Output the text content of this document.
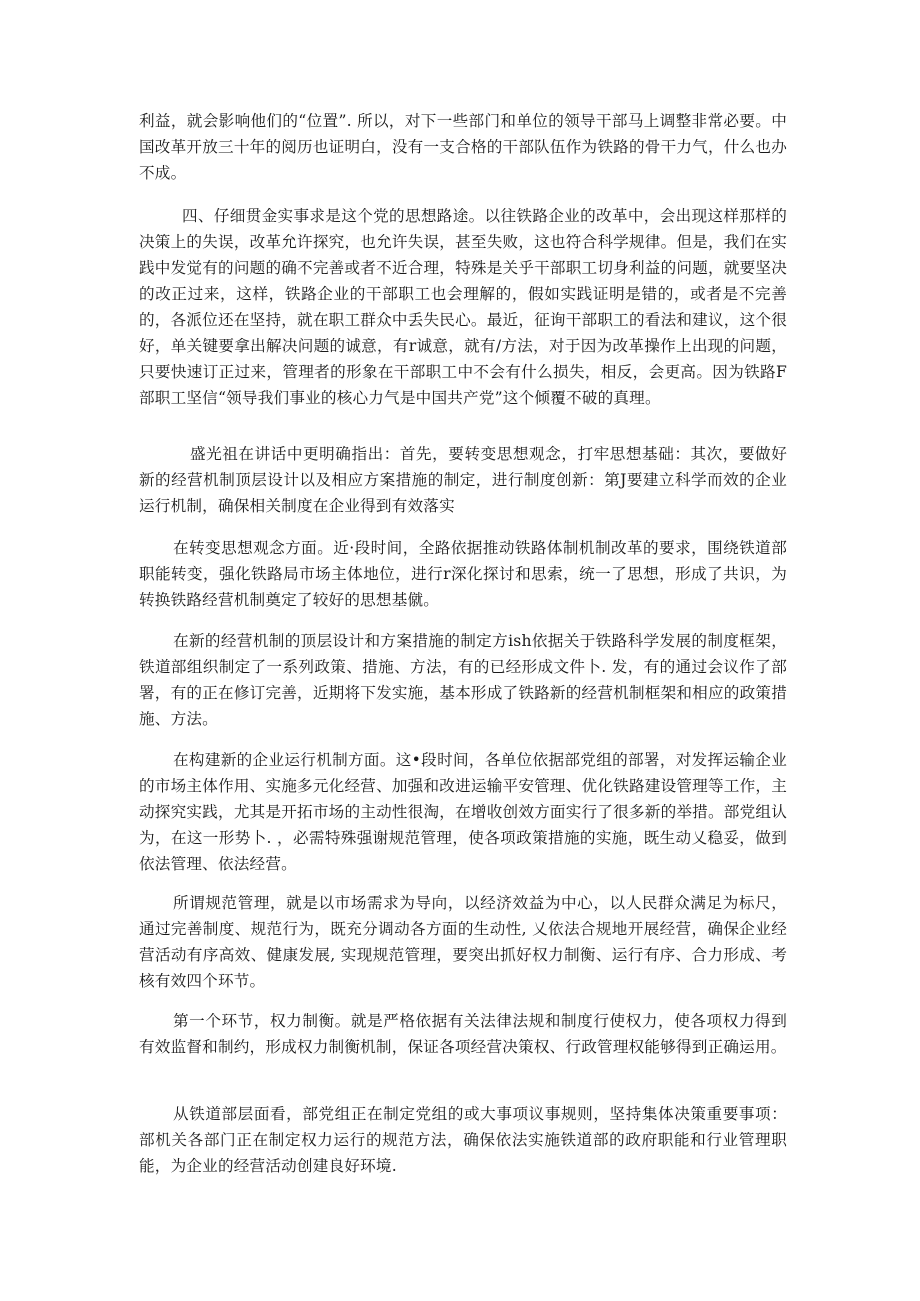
利益，就会影响他们的“位置”. 所以，对下一些部门和单位的领导干部马上调整非常必要。中国改革开放三十年的阅历也证明白，没有一支合格的干部队伍作为铁路的骨干力气，什么也办不成。

四、仔细贯金实事求是这个党的思想路途。以往铁路企业的改革中，会出现这样那样的决策上的失误，改革允许探究，也允许失误，甚至失败，这也符合科学规律。但是，我们在实践中发觉有的问题的确不完善或者不近合理，特殊是关乎干部职工切身利益的问题，就要坚决的改正过来，这样，铁路企业的干部职工也会理解的，假如实践证明是错的，或者是不完善的，各派位还在坚持，就在职工群众中丢失民心。最近，征询干部职工的看法和建议，这个很好，单关键要拿出解决问题的诚意，有r诚意，就有/方法，对于因为改革操作上出现的问题，只要快速订正过来，管理者的形象在干部职工中不会有什么损失，相反，会更高。因为铁路F部职工坚信“领导我们事业的核心力气是中国共产党”这个倾覆不破的真理。

盛光祖在讲话中更明确指出：首先，要转变思想观念，打牢思想基础：其次，要做好新的经营机制顶层设计以及相应方案措施的制定，进行制度创新：第J要建立科学而效的企业运行机制，确保相关制度在企业得到有效落实

在转变思想观念方面。近·段时间，全路依据推动铁路体制机制改革的要求，围绕铁道部职能转变，强化铁路局市场主体地位，进行r深化探讨和思索，统一了思想，形成了共识，为转换铁路经营机制奠定了较好的思想基僦。

在新的经营机制的顶层设计和方案措施的制定方ish依据关于铁路科学发展的制度框架，铁道部组织制定了一系列政策、措施、方法，有的已经形成文件卜. 发，有的通过会议作了部署，有的正在修订完善，近期将下发实施，基本形成了铁路新的经营机制框架和相应的政策措施、方法。

在构建新的企业运行机制方面。这•段时间，各单位依据部党组的部署，对发挥运输企业的市场主体作用、实施多元化经营、加强和改进运输平安管理、优化铁路建设管理等工作，主动探究实践，尤其是开拓市场的主动性很淘，在增收创效方面实行了很多新的举措。部党组认为，在这一形势卜. ，必需特殊强谢规范管理，使各项政策措施的实施，既生动乂稳妥，做到依法管理、依法经营。

所谓规范管理，就是以市场需求为导向，以经济效益为中心，以人民群众满足为标尺，通过完善制度、规范行为，既充分调动各方面的生动性, 乂依法合规地开展经营，确保企业经营活动有序高效、健康发展, 实现规范管理，要突出抓好权力制衡、运行有序、合力形成、考核有效四个环节。

第一个环节，权力制衡。就是严格依据有关法律法规和制度行使权力，使各项权力得到有效监督和制约，形成权力制衡机制，保证各项经营决策权、行政管理权能够得到正确运用。

从铁道部层面看，部党组正在制定党组的或大事项议事规则，坚持集体决策重要事项：部机关各部门正在制定权力运行的规范方法，确保依法实施铁道部的政府职能和行业管理职能，为企业的经营活动创建良好环境.
